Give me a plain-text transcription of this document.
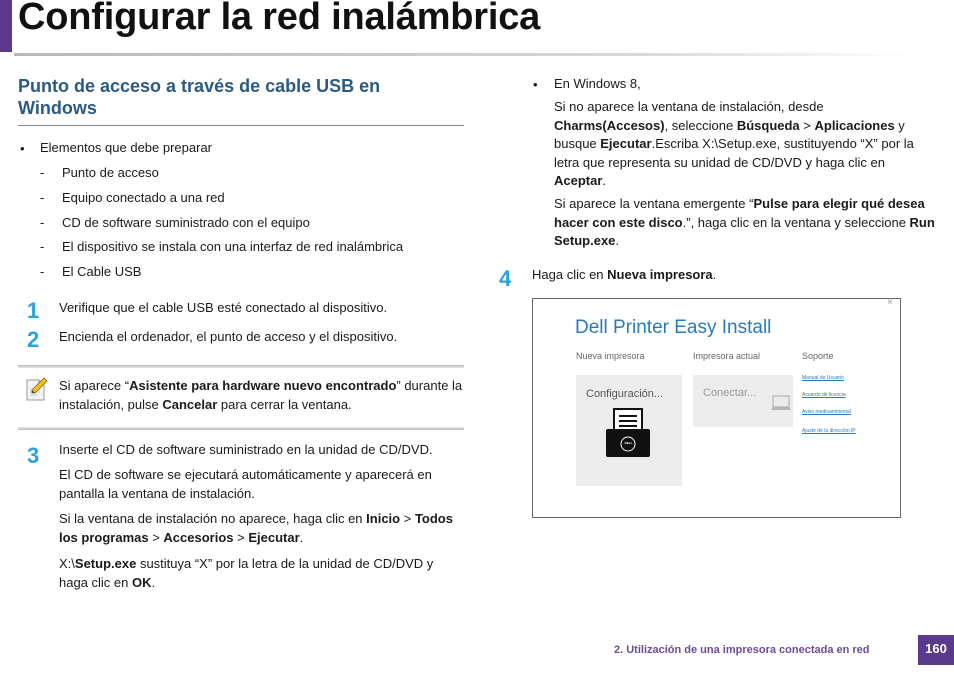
Configurar la red inalámbrica
Punto de acceso a través de cable USB en Windows
• Elementos que debe preparar
- Punto de acceso
- Equipo conectado a una red
- CD de software suministrado con el equipo
- El dispositivo se instala con una interfaz de red inalámbrica
- El Cable USB
1 Verifique que el cable USB esté conectado al dispositivo.
2 Encienda el ordenador, el punto de acceso y el dispositivo.
Si aparece “Asistente para hardware nuevo encontrado” durante la instalación, pulse Cancelar para cerrar la ventana.
3 Inserte el CD de software suministrado en la unidad de CD/DVD.
El CD de software se ejecutará automáticamente y aparecerá en pantalla la ventana de instalación.
Si la ventana de instalación no aparece, haga clic en Inicio > Todos los programas > Accesorios > Ejecutar.
X:\Setup.exe sustituya “X” por la letra de la unidad de CD/DVD y haga clic en OK.
• En Windows 8,
Si no aparece la ventana de instalación, desde Charms(Accesos), seleccione Búsqueda > Aplicaciones y busque Ejecutar.Escriba X:\Setup.exe, sustituyendo “X” por la letra que representa su unidad de CD/DVD y haga clic en Aceptar.
Si aparece la ventana emergente “Pulse para elegir qué desea hacer con este disco.”, haga clic en la ventana y seleccione Run Setup.exe.
4 Haga clic en Nueva impresora.
×
Dell Printer Easy Install
Nueva impresora	Impresora actual	Soporte
Configuración...
DELL
Conectar...
Manual de Usuario
Acuerdo de licencia
Aviso medioambiental
Ajuste de la dirección IP
2. Utilización de una impresora conectada en red	160
